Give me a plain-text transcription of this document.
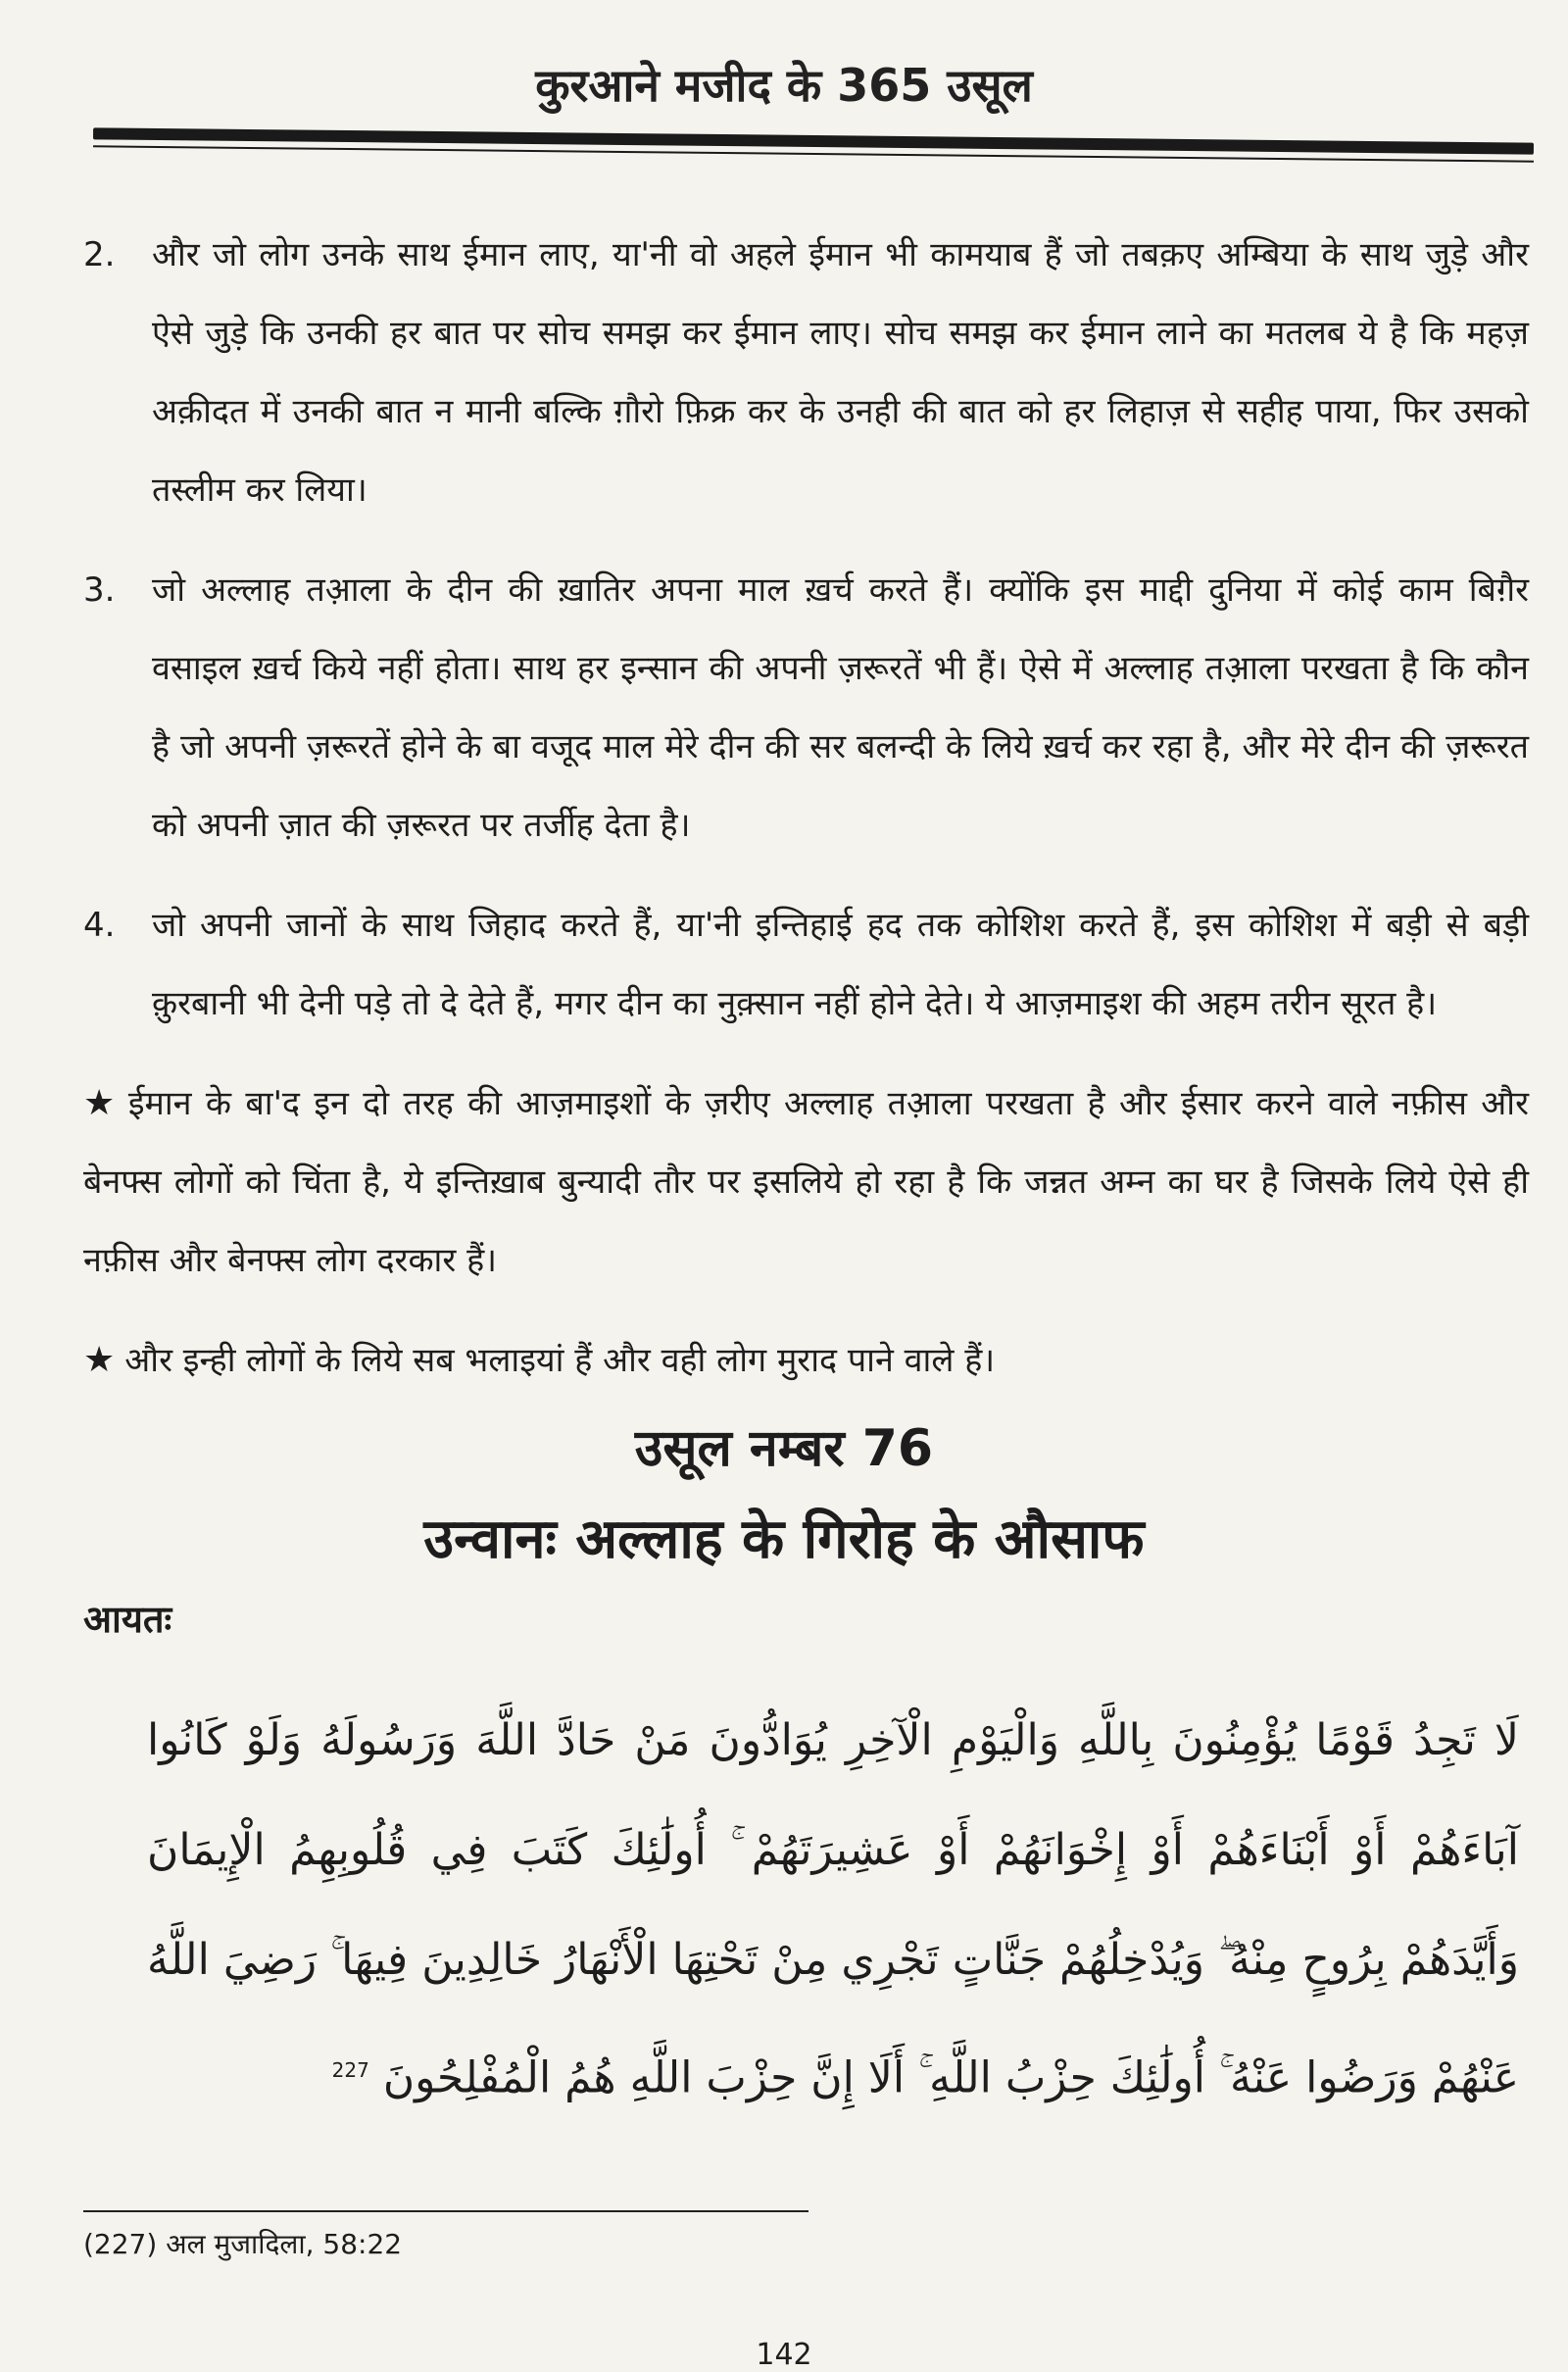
कुरआने मजीद के 365 उसूल
2.	और जो लोग उनके साथ ईमान लाए, या'नी वो अहले ईमान भी कामयाब हैं जो तबक़ए अम्बिया के साथ जुड़े और ऐसे जुड़े कि उनकी हर बात पर सोच समझ कर ईमान लाए। सोच समझ कर ईमान लाने का मतलब ये है कि महज़ अक़ीदत में उनकी बात न मानी बल्कि ग़ौरो फ़िक्र कर के उनही की बात को हर लिहाज़ से सहीह पाया, फिर उसको तस्लीम कर लिया।
3.	जो अल्लाह तआ़ला के दीन की ख़ातिर अपना माल ख़र्च करते हैं। क्योंकि इस माद्दी दुनिया में कोई काम बिग़ैर वसाइल ख़र्च किये नहीं होता। साथ हर इन्सान की अपनी ज़रूरतें भी हैं। ऐसे में अल्लाह तआ़ला परखता है कि कौन है जो अपनी ज़रूरतें होने के बा वजूद माल मेरे दीन की सर बलन्दी के लिये ख़र्च कर रहा है, और मेरे दीन की ज़रूरत को अपनी ज़ात की ज़रूरत पर तर्जीह देता है।
4.	जो अपनी जानों के साथ जिहाद करते हैं, या'नी इन्तिहाई हद तक कोशिश करते हैं, इस कोशिश में बड़ी से बड़ी क़ुरबानी भी देनी पड़े तो दे देते हैं, मगर दीन का नुक़्सान नहीं होने देते। ये आज़माइश की अहम तरीन सूरत है।
★ ईमान के बा'द इन दो तरह की आज़माइशों के ज़रीए अल्लाह तआ़ला परखता है और ईसार करने वाले नफ़ीस और बेनफ्स लोगों को चिंता है, ये इन्तिख़ाब बुन्यादी तौर पर इसलिये हो रहा है कि जन्नत अम्न का घर है जिसके लिये ऐसे ही नफ़ीस और बेनफ्स लोग दरकार हैं।
★ और इन्ही लोगों के लिये सब भलाइयां हैं और वही लोग मुराद पाने वाले हैं।
उसूल नम्बर 76
उन्वानः अल्लाह के गिरोह के औसाफ
आयतः
لَا تَجِدُ قَوْمًا يُؤْمِنُونَ بِاللَّهِ وَالْيَوْمِ الْآخِرِ يُوَادُّونَ مَنْ حَادَّ اللَّهَ وَرَسُولَهُ وَلَوْ كَانُوا آبَاءَهُمْ أَوْ أَبْنَاءَهُمْ أَوْ إِخْوَانَهُمْ أَوْ عَشِيرَتَهُمْ ۚ أُولَٰئِكَ كَتَبَ فِي قُلُوبِهِمُ الْإِيمَانَ وَأَيَّدَهُمْ بِرُوحٍ مِنْهُ ۖ وَيُدْخِلُهُمْ جَنَّاتٍ تَجْرِي مِنْ تَحْتِهَا الْأَنْهَارُ خَالِدِينَ فِيهَا ۚ رَضِيَ اللَّهُ عَنْهُمْ وَرَضُوا عَنْهُ ۚ أُولَٰئِكَ حِزْبُ اللَّهِ ۚ أَلَا إِنَّ حِزْبَ اللَّهِ هُمُ الْمُفْلِحُونَ $^{227}$
(227) अल मुजादिला, 58:22
142
